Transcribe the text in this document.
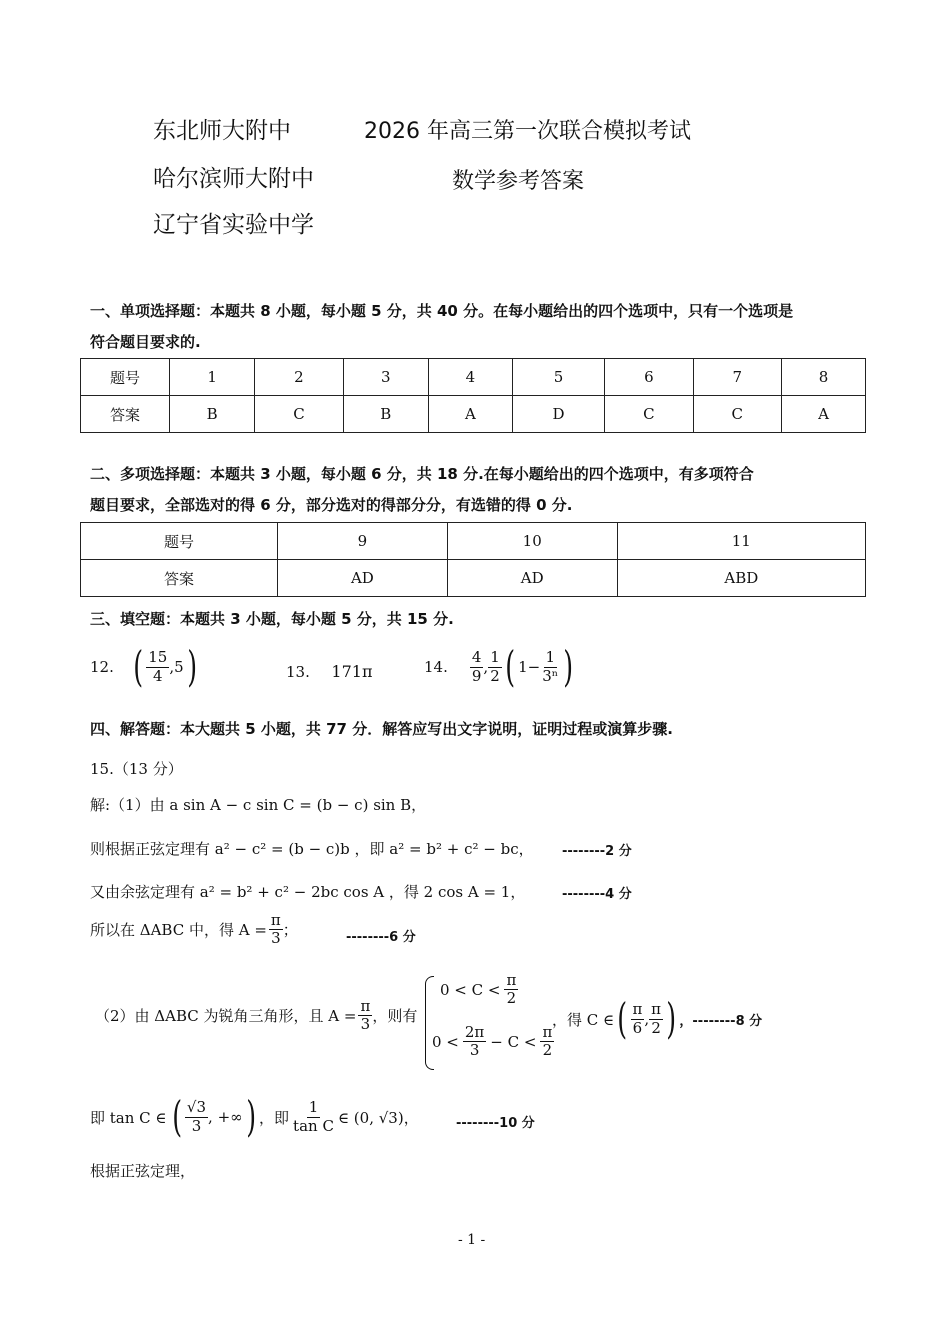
东北师大附中
哈尔滨师大附中
辽宁省实验中学
2026 年高三第一次联合模拟考试
数学参考答案
一、单项选择题：本题共 8 小题，每小题 5 分，共 40 分。在每小题给出的四个选项中，只有一个选项是
符合题目要求的.
题号	1	2	3	4	5	6	7	8
答案	B	C	B	A	D	C	C	A
二、多项选择题：本题共 3 小题，每小题 6 分，共 18 分.在每小题给出的四个选项中，有多项符合
题目要求，全部选对的得 6 分，部分选对的得部分分，有选错的得 0 分.
题号	9	10	11
答案	AD	AD	ABD
三、填空题：本题共 3 小题，每小题 5 分，共 15 分.
12. ( $\frac{15}{4} ,5$ )	13. 171π	14. $\frac{4}{9}$ , $\frac{1}{2}$ ( $1- \frac{1}{\text{3ⁿ}}$ )
四、解答题：本大题共 5 小题，共 77 分．解答应写出文字说明，证明过程或演算步骤.
15.（13 分）
解:（1）由 a sin A − c sin C = (b − c) sin B，
则根据正弦定理有 a² − c² = (b − c)b ，即 a² = b² + c² − bc， --------2 分
又由余弦定理有 a² = b² + c² − 2bc cos A ，得 2 cos A = 1，	--------4 分
所以在 ΔABC 中，得 $A = \frac{\pi}{3}$ ；	--------6 分
（2）由 ΔABC 为锐角三角形，且 $A = \frac{\pi}{3}$ ，则有
$0 < C < \frac{\pi}{2}$
$0 < \frac{2\pi}{3} - C < \frac{\pi}{2}$
，得 C ∈ ( $\frac{\pi}{6}$ , $\frac{\pi}{2}$ ) ，--------8 分
即 tan C ∈ ( $\frac{√3}{3}$ , +∞ ) ，即 $\frac{1}{\text{tan C}}$ ∈ (0, √3)，	--------10 分
根据正弦定理，
- 1 -
